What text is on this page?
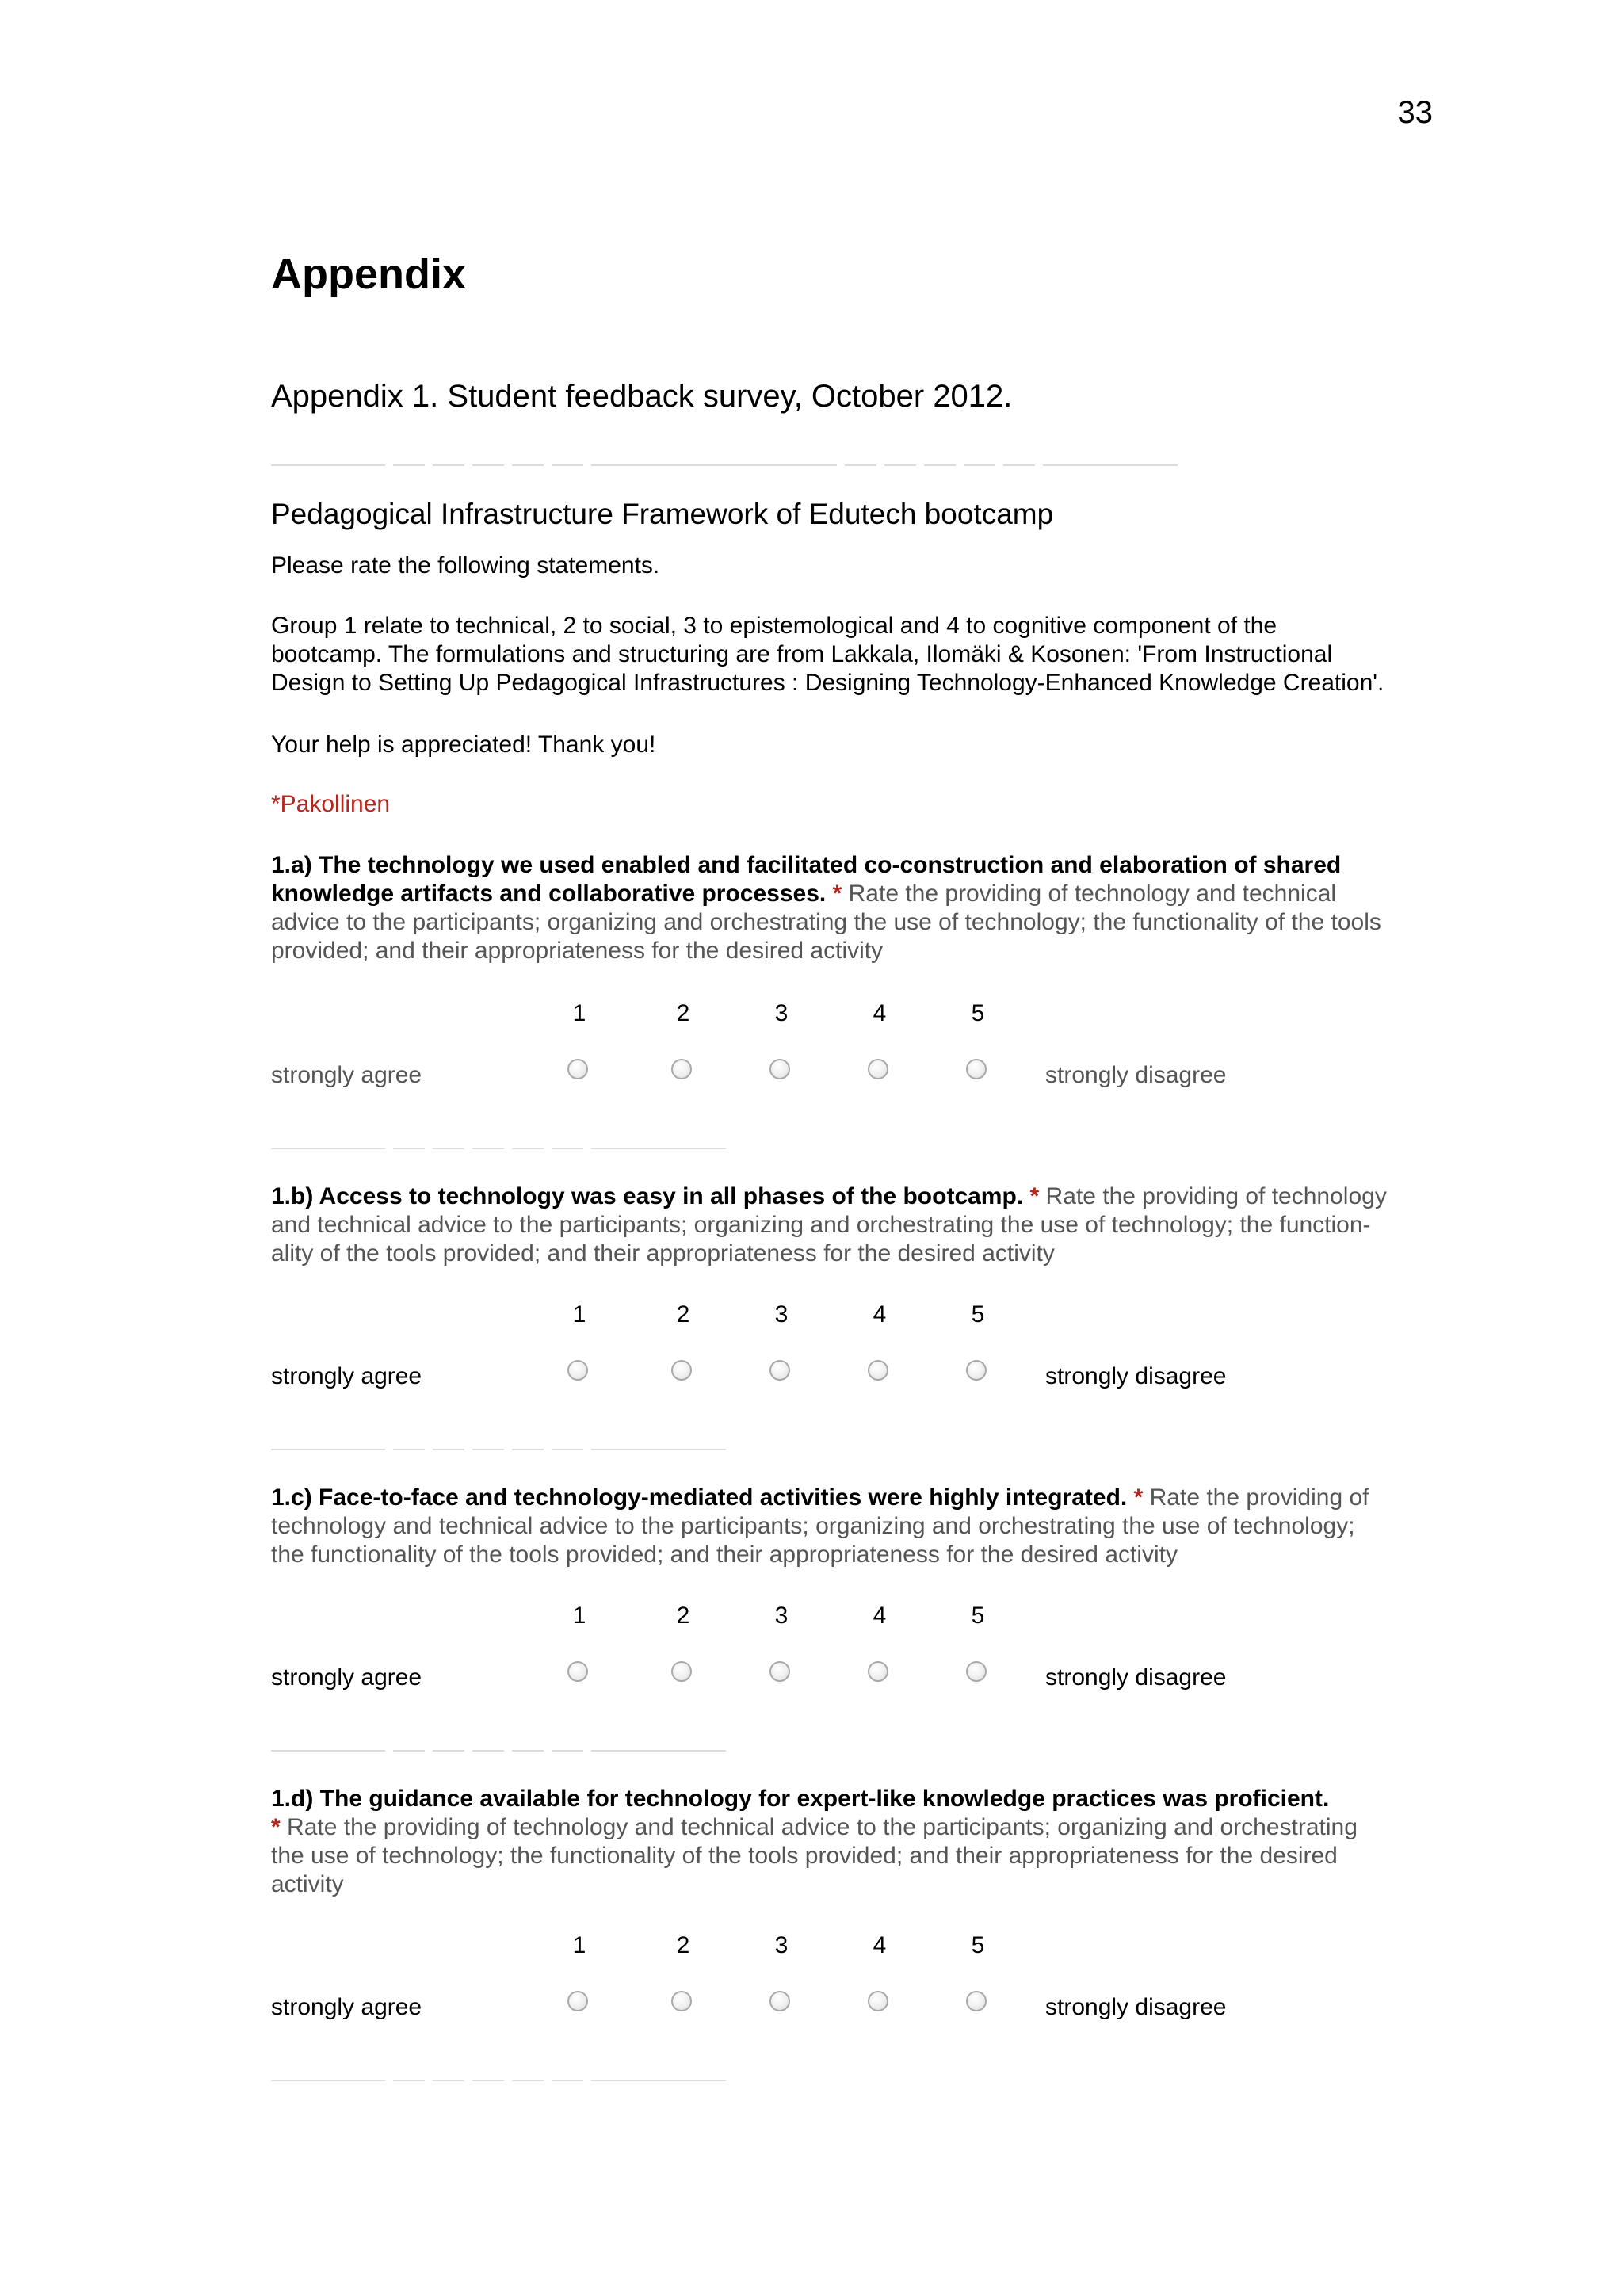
33
Appendix
Appendix 1. Student feedback survey, October 2012.
Pedagogical Infrastructure Framework of Edutech bootcamp
Please rate the following statements.
Group 1 relate to technical, 2 to social, 3 to epistemological and 4 to cognitive component of the
bootcamp. The formulations and structuring are from Lakkala, Ilomäki & Kosonen: 'From Instructional
Design to Setting Up Pedagogical Infrastructures : Designing Technology-Enhanced Knowledge Creation'.
Your help is appreciated! Thank you!
*Pakollinen
1.a) The technology we used enabled and facilitated co-construction and elaboration of shared
knowledge artifacts and collaborative processes. * Rate the providing of technology and technical
advice to the participants; organizing and orchestrating the use of technology; the functionality of the tools
provided; and their appropriateness for the desired activity
1	2	3	4	5
strongly agree	strongly disagree
1.b) Access to technology was easy in all phases of the bootcamp. * Rate the providing of technology
and technical advice to the participants; organizing and orchestrating the use of technology; the function-
ality of the tools provided; and their appropriateness for the desired activity
1	2	3	4	5
strongly agree	strongly disagree
1.c) Face-to-face and technology-mediated activities were highly integrated. * Rate the providing of
technology and technical advice to the participants; organizing and orchestrating the use of technology;
the functionality of the tools provided; and their appropriateness for the desired activity
1	2	3	4	5
strongly agree	strongly disagree
1.d) The guidance available for technology for expert-like knowledge practices was proficient.
* Rate the providing of technology and technical advice to the participants; organizing and orchestrating
the use of technology; the functionality of the tools provided; and their appropriateness for the desired
activity
1	2	3	4	5
strongly agree	strongly disagree
